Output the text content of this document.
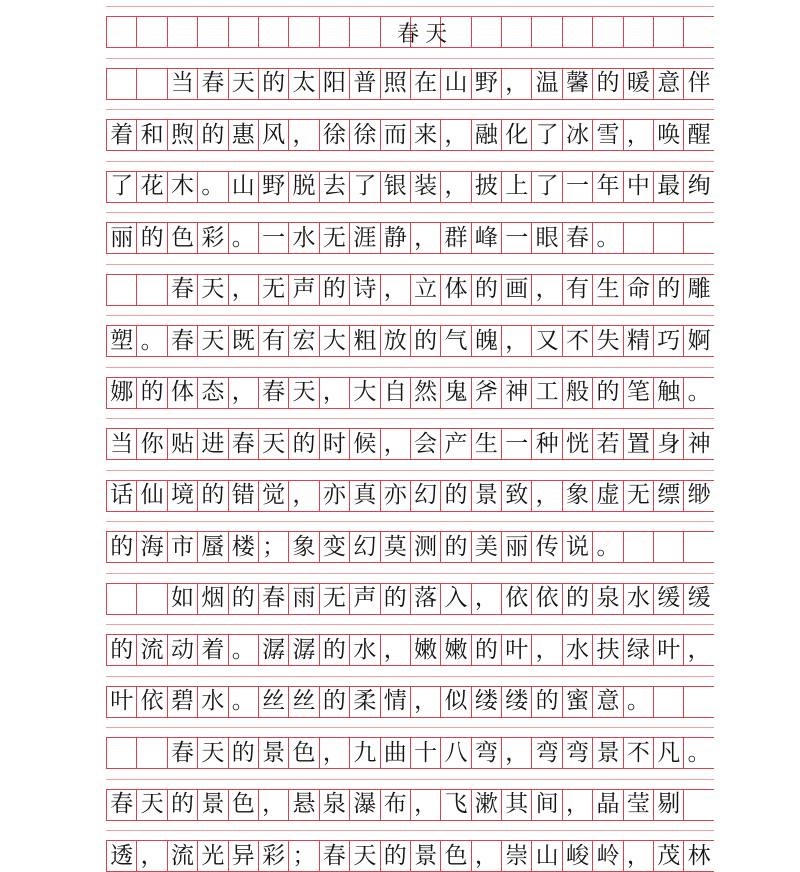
春天
当 春 天 的 太 阳 普 照 在 山 野 ， 温 馨 的 暖 意 伴
着 和 煦 的 惠 风 ， 徐 徐 而 来 ， 融 化 了 冰 雪 ， 唤 醒
了 花 木 。 山 野 脱 去 了 银 装 ， 披 上 了 一 年 中 最 绚
丽 的 色 彩 。 一 水 无 涯 静 ， 群 峰 一 眼 春 。
春 天 ， 无 声 的 诗 ， 立 体 的 画 ， 有 生 命 的 雕
塑 。 春 天 既 有 宏 大 粗 放 的 气 魄 ， 又 不 失 精 巧 婀
娜 的 体 态 ， 春 天 ， 大 自 然 鬼 斧 神 工 般 的 笔 触 。
当 你 贴 进 春 天 的 时 候 ， 会 产 生 一 种 恍 若 置 身 神
话 仙 境 的 错 觉 ， 亦 真 亦 幻 的 景 致 ， 象 虚 无 缥 缈
的 海 市 蜃 楼 ； 象 变 幻 莫 测 的 美 丽 传 说 。
如 烟 的 春 雨 无 声 的 落 入 ， 依 依 的 泉 水 缓 缓
的 流 动 着 。 潺 潺 的 水 ， 嫩 嫩 的 叶 ， 水 扶 绿 叶 ，
叶 依 碧 水 。 丝 丝 的 柔 情 ， 似 缕 缕 的 蜜 意 。
春 天 的 景 色 ， 九 曲 十 八 弯 ， 弯 弯 景 不 凡 。
春 天 的 景 色 ， 悬 泉 瀑 布 ， 飞 漱 其 间 ， 晶 莹 剔
透 ， 流 光 异 彩 ； 春 天 的 景 色 ， 崇 山 峻 岭 ， 茂 林
